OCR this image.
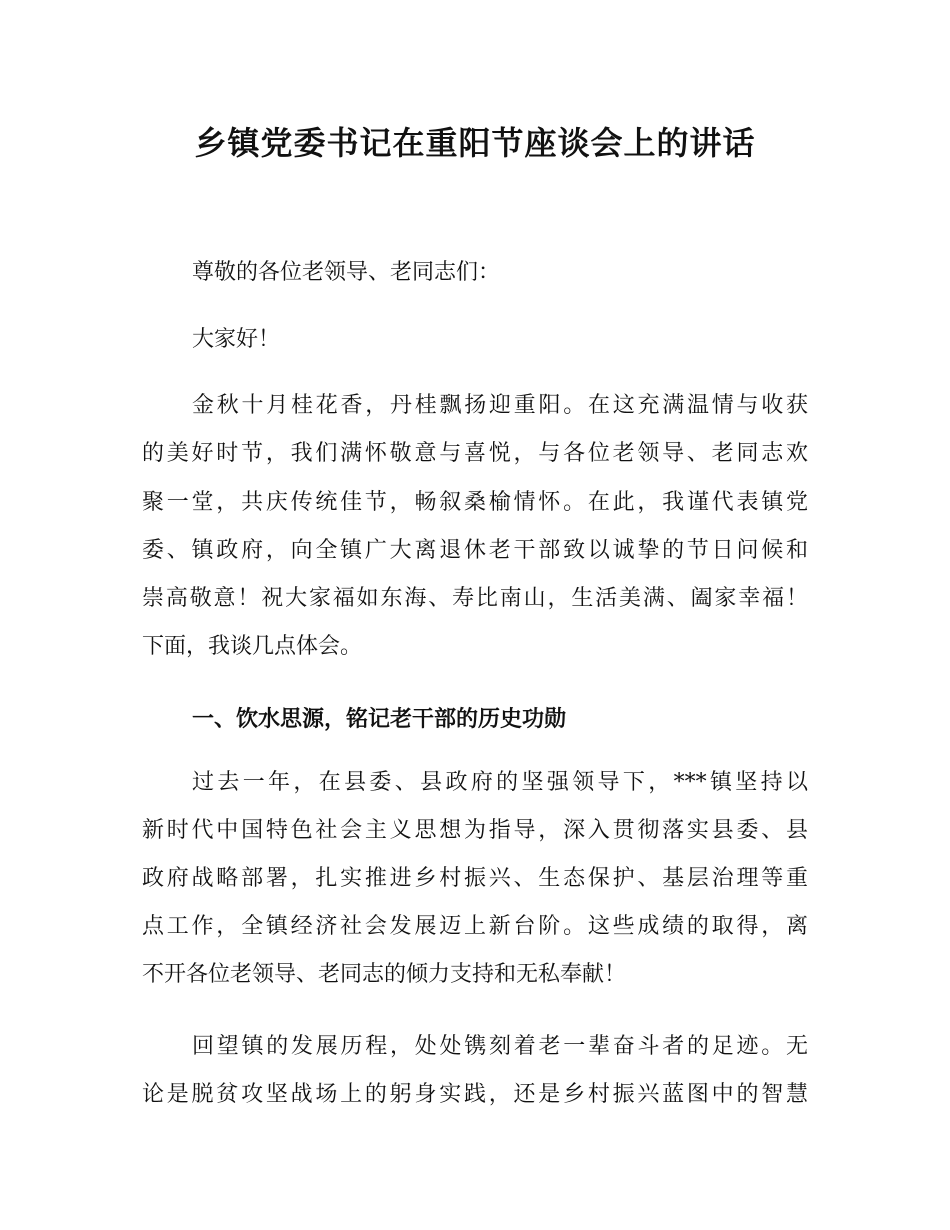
乡镇党委书记在重阳节座谈会上的讲话
尊敬的各位老领导、老同志们：
大家好！
金秋十月桂花香，丹桂飘扬迎重阳。在这充满温情与收获
的美好时节，我们满怀敬意与喜悦，与各位老领导、老同志欢
聚一堂，共庆传统佳节，畅叙桑榆情怀。在此，我谨代表镇党
委、镇政府，向全镇广大离退休老干部致以诚挚的节日问候和
崇高敬意！祝大家福如东海、寿比南山，生活美满、阖家幸福！
下面，我谈几点体会。
一、饮水思源，铭记老干部的历史功勋
过去一年，在县委、县政府的坚强领导下，***镇坚持以
新时代中国特色社会主义思想为指导，深入贯彻落实县委、县
政府战略部署，扎实推进乡村振兴、生态保护、基层治理等重
点工作，全镇经济社会发展迈上新台阶。这些成绩的取得，离
不开各位老领导、老同志的倾力支持和无私奉献！
回望镇的发展历程，处处镌刻着老一辈奋斗者的足迹。无
论是脱贫攻坚战场上的躬身实践，还是乡村振兴蓝图中的智慧
